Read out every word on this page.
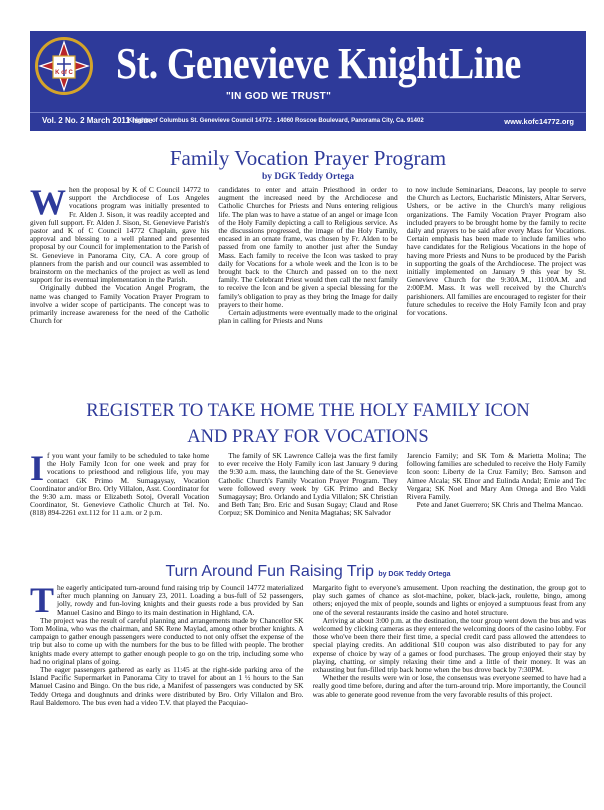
K of C St. Genevieve KnightLine
"IN GOD WE TRUST"
Vol. 2 No. 2 March 2011 Issue
Knights of Columbus St. Genevieve Council 14772 . 14060 Roscoe Boulevard, Panorama City, Ca. 91402	www.kofc14772.org
Family Vocation Prayer Program
by DGK Teddy Ortega
W hen the proposal by K of C Council 14772 to support the Archdiocese of Los Angeles vocations program was initially presented to Fr. Alden J. Sison, it was readily accepted and given full support. Fr. Alden J. Sison, St. Genevieve Parish's pastor and K of C Council 14772 Chaplain, gave his approval and blessing to a well planned and presented proposal by our Council for implementation to the Parish of St. Genevieve in Panorama City, CA. A core group of planners from the parish and our council was assembled to brainstorm on the mechanics of the project as well as lend support for its eventual implementation in the Parish.

Originally dubbed the Vocation Angel Program, the name was changed to Family Vocation Prayer Program to involve a wider scope of participants. The concept was to primarily increase awareness for the need of the Catholic Church for

candidates to enter and attain Priesthood in order to augment the increased need by the Archdiocese and Catholic Churches for Priests and Nuns entering religious life. The plan was to have a statue of an angel or image Icon of the Holy Family depicting a call to Religious service. As the discussions progressed, the image of the Holy Family, encased in an ornate frame, was chosen by Fr. Alden to be passed from one family to another just after the Sunday Mass. Each family to receive the Icon was tasked to pray daily for Vocations for a whole week and the Icon is to be brought back to the Church and passed on to the next family. The Celebrant Priest would then call the next family to receive the Icon and be given a special blessing for the family's obligation to pray as they bring the Image for daily prayers to their home.

Certain adjustments were eventually made to the original plan in calling for Priests and Nuns

to now include Seminarians, Deacons, lay people to serve the Church as Lectors, Eucharistic Ministers, Altar Servers, Ushers, or be active in the Church's many religious organizations. The Family Vocation Prayer Program also included prayers to be brought home by the family to recite daily and prayers to be said after every Mass for Vocations. Certain emphasis has been made to include families who have candidates for the Religious Vocations in the hope of having more Priests and Nuns to be produced by the Parish in supporting the goals of the Archdiocese. The project was initially implemented on January 9 this year by St. Genevieve Church for the 9:30A.M., 11:00A.M. and 2:00P.M. Mass. It was well received by the Church's parishioners. All families are encouraged to register for their future schedules to receive the Holy Family Icon and pray for vocations.

REGISTER TO TAKE HOME THE HOLY FAMILY ICON
AND PRAY FOR VOCATIONS
I f you want your family to be scheduled to take home the Holy Family Icon for one week and pray for vocations to priesthood and religious life, you may contact GK Primo M. Sumagaysay, Vocation Coordinator and/or Bro. Orly Villalon, Asst. Coordinator for the 9:30 a.m. mass or Elizabeth Sotoj, Overall Vocation Coordinator, St. Genevieve Catholic Church at Tel. No. (818) 894-2261 ext.112 for 11 a.m. or 2 p.m.

The family of SK Lawrence Calleja was the first family to ever receive the Holy Family icon last January 9 during the 9:30 a.m. mass, the launching date of the St. Genevieve Catholic Church's Family Vocation Prayer Program. They were followed every week by GK Primo and Becky Sumagaysay; Bro. Orlando and Lydia Villalon; SK Christian and Beth Tan; Bro. Eric and Susan Sugay; Claud and Rose Corpuz; SK Dominico and Nenita Magtahas; SK Salvador

Jarencio Family; and SK Tom & Marietta Molina; The following families are scheduled to receive the Holy Family Icon soon: Liberty de la Cruz Family; Bro. Samson and Aimee Alcala; SK Elnor and Eulinda Andal; Ernie and Tec Vergara; SK Noel and Mary Ann Omega and Bro Valdi Rivera Family.

Pete and Janet Guerrero; SK Chris and Thelma Mancao.

Turn Around Fun Raising Trip by DGK Teddy Ortega
T he eagerly anticipated turn-around fund raising trip by Council 14772 materialized after much planning on January 23, 2011. Loading a bus-full of 52 passengers, jolly, rowdy and fun-loving knights and their guests rode a bus provided by San Manuel Casino and Bingo to its main destination in Highland, CA.

The project was the result of careful planning and arrangements made by Chancellor SK Tom Molina, who was the chairman, and SK Rene Maylad, among other brother knights. A campaign to gather enough passengers were conducted to not only offset the expense of the trip but also to come up with the numbers for the bus to be filled with people. The brother knights made every attempt to gather enough people to go on the trip, including some who had no original plans of going.

The eager passengers gathered as early as 11:45 at the right-side parking area of the Island Pacific Supermarket in Panorama City to travel for about an 1 ½ hours to the San Manuel Casino and Bingo. On the bus ride, a Manifest of passengers was conducted by SK Teddy Ortega and doughnuts and drinks were distributed by Bro. Orly Villalon and Bro. Raul Baldemoro. The bus even had a video T.V. that played the Pacquiao-

Margarito fight to everyone's amusement. Upon reaching the destination, the group got to play such games of chance as slot-machine, poker, black-jack, roulette, bingo, among others; enjoyed the mix of people, sounds and lights or enjoyed a sumptuous feast from any one of the several restaurants inside the casino and hotel structure.

Arriving at about 3:00 p.m. at the destination, the tour group went down the bus and was welcomed by clicking cameras as they entered the welcoming doors of the casino lobby. For those who've been there their first time, a special credit card pass allowed the attendees to special playing credits. An additional $10 coupon was also distributed to pay for any expense of choice by way of a games or food purchases. The group enjoyed their stay by playing, chatting, or simply relaxing their time and a little of their money. It was an exhausting but fun-filled trip back home when the bus drove back by 7:30PM.

Whether the results were win or lose, the consensus was everyone seemed to have had a really good time before, during and after the turn-around trip. More importantly, the Council was able to generate good revenue from the very favorable results of this project.
